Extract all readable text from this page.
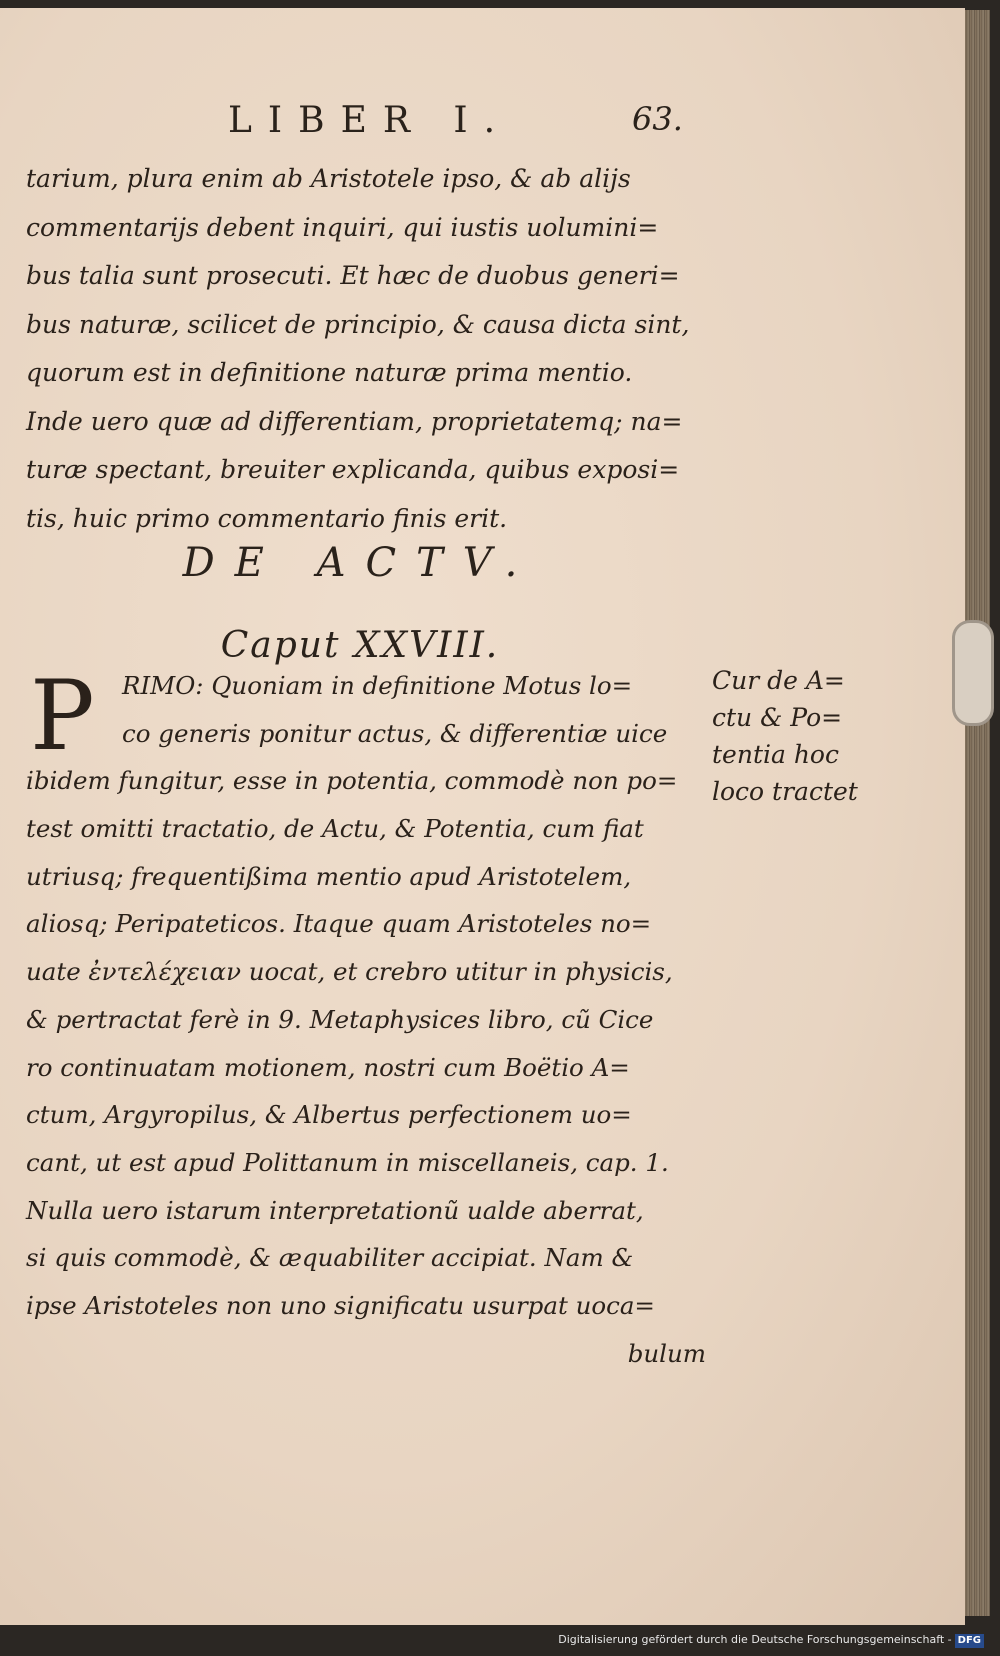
LIBER I.	63.
tarium, plura enim ab Aristotele ipso, & ab alijs
commentarijs debent inquiri, qui iustis uolumini=
bus talia sunt prosecuti. Et hæc de duobus generi=
bus naturæ, scilicet de principio, & causa dicta sint,
quorum est in definitione naturæ prima mentio.
Inde uero quæ ad differentiam, proprietatemq; na=
turæ spectant, breuiter explicanda, quibus exposi=
tis, huic primo commentario finis erit.
DE ACTV.
Caput XXVIII.
P	RIMO: Quoniam in definitione Motus lo=
co generis ponitur actus, & differentiæ uice
ibidem fungitur, esse in potentia, commodè non po=
test omitti tractatio, de Actu, & Potentia, cum fiat
utriusq; frequentißima mentio apud Aristotelem,
aliosq; Peripateticos. Itaque quam Aristoteles no=
uate ἐντελέχειαν uocat, et crebro utitur in physicis,
& pertractat ferè in 9. Metaphysices libro, cũ Cice
ro continuatam motionem, nostri cum Boëtio A=
ctum, Argyropilus, & Albertus perfectionem uo=
cant, ut est apud Polittanum in miscellaneis, cap. 1.
Nulla uero istarum interpretationũ ualde aberrat,
si quis commodè, & æquabiliter accipiat. Nam &
ipse Aristoteles non uno significatu usurpat uoca=
bulum
Cur de A=
ctu & Po=
tentia hoc
loco tractet
Digitalisierung gefördert durch die Deutsche Forschungsgemeinschaft - DFG
